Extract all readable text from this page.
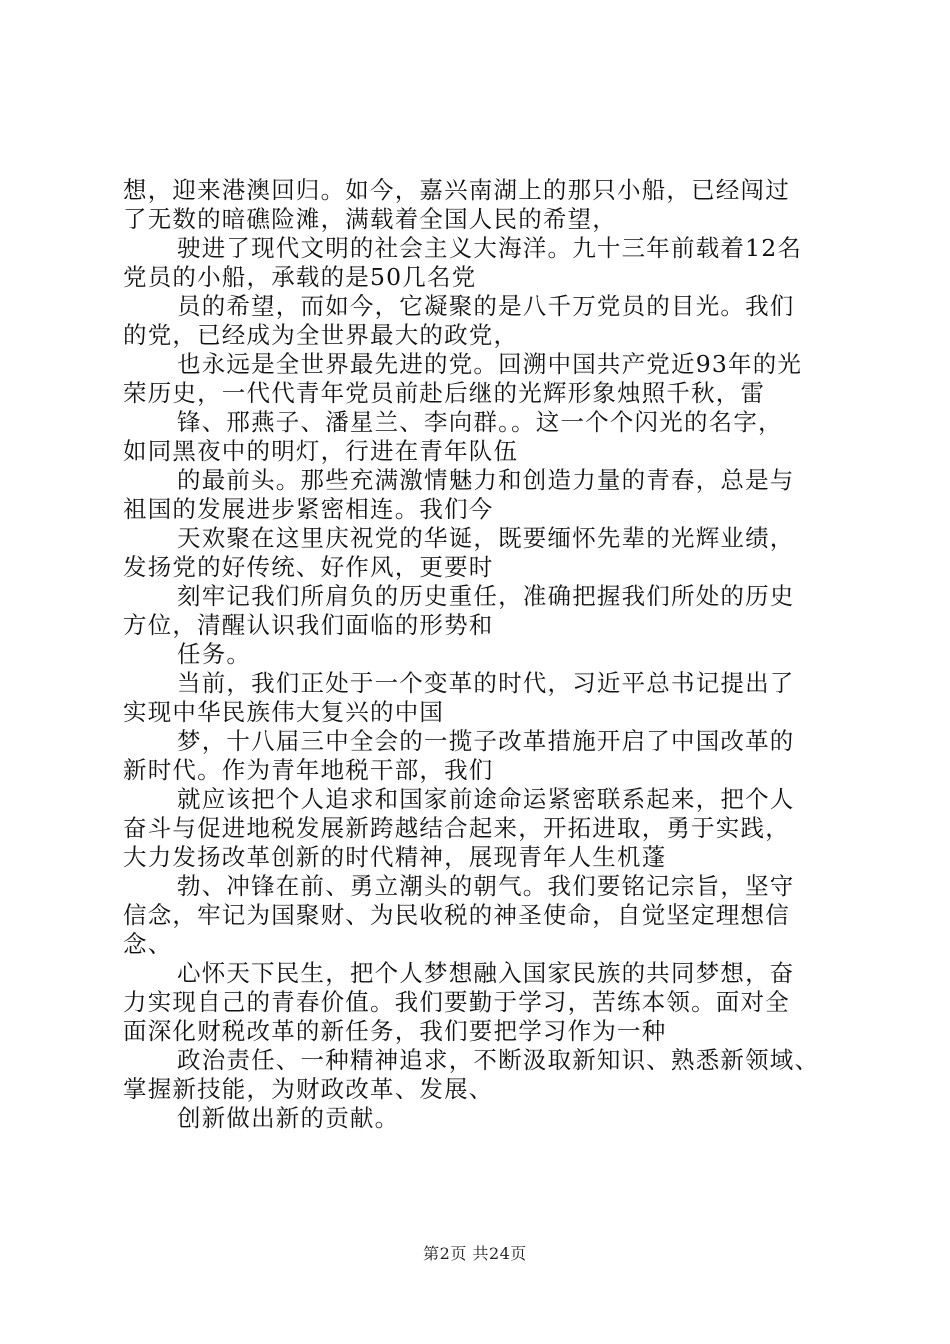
想，迎来港澳回归。如今，嘉兴南湖上的那只小船，已经闯过
了无数的暗礁险滩，满载着全国人民的希望，
驶进了现代文明的社会主义大海洋。九十三年前载着12名
党员的小船，承载的是50几名党
员的希望，而如今，它凝聚的是八千万党员的目光。我们
的党，已经成为全世界最大的政党，
也永远是全世界最先进的党。回溯中国共产党近93年的光
荣历史，一代代青年党员前赴后继的光辉形象烛照千秋，雷
锋、邢燕子、潘星兰、李向群。。这一个个闪光的名字，
如同黑夜中的明灯，行进在青年队伍
的最前头。那些充满激情魅力和创造力量的青春，总是与
祖国的发展进步紧密相连。我们今
天欢聚在这里庆祝党的华诞，既要缅怀先辈的光辉业绩，
发扬党的好传统、好作风，更要时
刻牢记我们所肩负的历史重任，准确把握我们所处的历史
方位，清醒认识我们面临的形势和
任务。
当前，我们正处于一个变革的时代，习近平总书记提出了
实现中华民族伟大复兴的中国
梦，十八届三中全会的一揽子改革措施开启了中国改革的
新时代。作为青年地税干部，我们
就应该把个人追求和国家前途命运紧密联系起来，把个人
奋斗与促进地税发展新跨越结合起来，开拓进取，勇于实践，
大力发扬改革创新的时代精神，展现青年人生机蓬
勃、冲锋在前、勇立潮头的朝气。我们要铭记宗旨，坚守
信念，牢记为国聚财、为民收税的神圣使命，自觉坚定理想信
念、
心怀天下民生，把个人梦想融入国家民族的共同梦想，奋
力实现自己的青春价值。我们要勤于学习，苦练本领。面对全
面深化财税改革的新任务，我们要把学习作为一种
政治责任、一种精神追求，不断汲取新知识、熟悉新领域、
掌握新技能，为财政改革、发展、
创新做出新的贡献。
第2页 共24页
